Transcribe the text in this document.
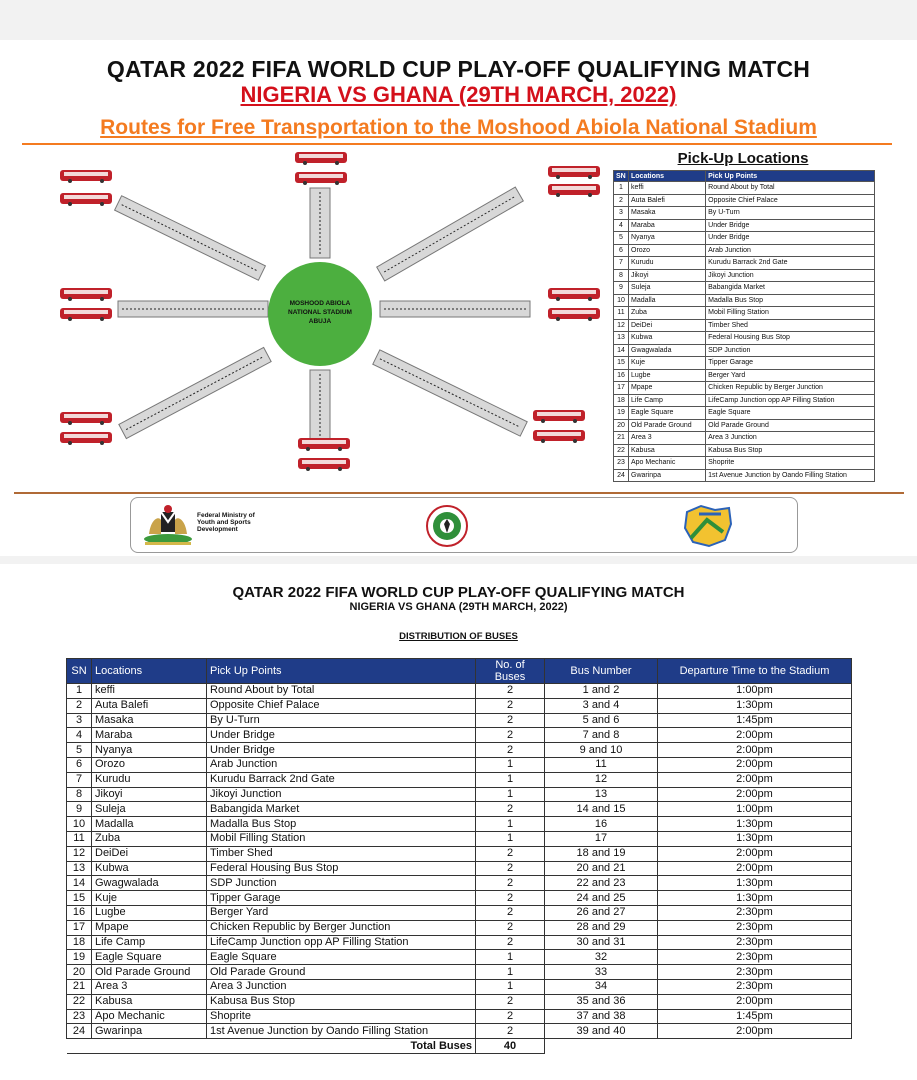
QATAR 2022 FIFA WORLD CUP PLAY-OFF QUALIFYING MATCH
NIGERIA VS GHANA (29TH MARCH, 2022)
Routes for Free Transportation to the Moshood Abiola National Stadium
MOSHOOD ABIOLA
NATIONAL STADIUM
ABUJA
Pick-Up Locations
SN	Locations	Pick Up Points
1	keffi	Round About by Total
2	Auta Balefi	Opposite Chief Palace
3	Masaka	By U-Turn
4	Maraba	Under Bridge
5	Nyanya	Under Bridge
6	Orozo	Arab Junction
7	Kurudu	Kurudu Barrack 2nd Gate
8	Jikoyi	Jikoyi Junction
9	Suleja	Babangida Market
10	Madalla	Madalla Bus Stop
11	Zuba	Mobil Filling Station
12	DeiDei	Timber Shed
13	Kubwa	Federal Housing Bus Stop
14	Gwagwalada	SDP Junction
15	Kuje	Tipper Garage
16	Lugbe	Berger Yard
17	Mpape	Chicken Republic by Berger Junction
18	Life Camp	LifeCamp Junction opp AP Filling Station
19	Eagle Square	Eagle Square
20	Old Parade Ground	Old Parade Ground
21	Area 3	Area 3 Junction
22	Kabusa	Kabusa Bus Stop
23	Apo Mechanic	Shoprite
24	Gwarinpa	1st Avenue Junction by Oando Filling Station
Federal Ministry of
Youth and Sports
Development
QATAR 2022 FIFA WORLD CUP PLAY-OFF QUALIFYING MATCH
NIGERIA VS GHANA (29TH MARCH, 2022)
DISTRIBUTION OF BUSES
SN	Locations	Pick Up Points	No. of Buses	Bus Number	Departure Time to the Stadium
1	keffi	Round About by Total	2	1 and 2	1:00pm
2	Auta Balefi	Opposite Chief Palace	2	3 and 4	1:30pm
3	Masaka	By U-Turn	2	5 and 6	1:45pm
4	Maraba	Under Bridge	2	7 and 8	2:00pm
5	Nyanya	Under Bridge	2	9 and 10	2:00pm
6	Orozo	Arab Junction	1	11	2:00pm
7	Kurudu	Kurudu Barrack 2nd Gate	1	12	2:00pm
8	Jikoyi	Jikoyi Junction	1	13	2:00pm
9	Suleja	Babangida Market	2	14 and 15	1:00pm
10	Madalla	Madalla Bus Stop	1	16	1:30pm
11	Zuba	Mobil Filling Station	1	17	1:30pm
12	DeiDei	Timber Shed	2	18 and 19	2:00pm
13	Kubwa	Federal Housing Bus Stop	2	20 and 21	2:00pm
14	Gwagwalada	SDP Junction	2	22 and 23	1:30pm
15	Kuje	Tipper Garage	2	24 and 25	1:30pm
16	Lugbe	Berger Yard	2	26 and 27	2:30pm
17	Mpape	Chicken Republic by Berger Junction	2	28 and 29	2:30pm
18	Life Camp	LifeCamp Junction opp AP Filling Station	2	30 and 31	2:30pm
19	Eagle Square	Eagle Square	1	32	2:30pm
20	Old Parade Ground	Old Parade Ground	1	33	2:30pm
21	Area 3	Area 3 Junction	1	34	2:30pm
22	Kabusa	Kabusa Bus Stop	2	35 and 36	2:00pm
23	Apo Mechanic	Shoprite	2	37 and 38	1:45pm
24	Gwarinpa	1st Avenue Junction by Oando Filling Station	2	39 and 40	2:00pm
Total Buses			40		
